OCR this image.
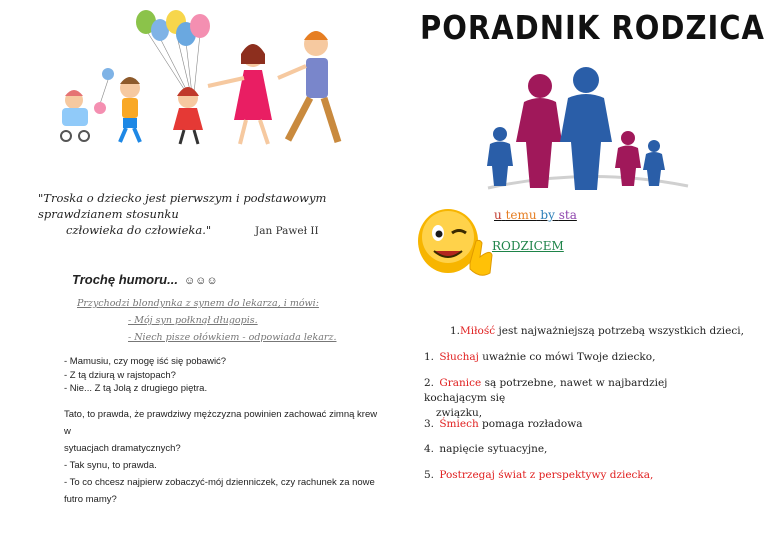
"Troska o dziecko jest pierwszym i podstawowym sprawdzianem stosunku
człowieka do człowieka."	Jan Paweł II
Trochę humoru... ☺☺☺
Przychodzi blondynka z synem do lekarza, i mówi:
- Mój syn połknął długopis.
- Niech pisze ołówkiem - odpowiada lekarz.
- Mamusiu, czy mogę iść się pobawić?
- Z tą dziurą w rajstopach?
- Nie... Z tą Jolą z drugiego piętra.

Tato, to prawda, że prawdziwy mężczyzna powinien zachować zimną krew w

sytuacjach dramatycznych?

- Tak synu, to prawda.

- To co chcesz najpierw zobaczyć-mój dzienniczek, czy rachunek za nowe

futro mamy?

PORADNIK RODZICA
u temu by sta
RODZICEM
1.Miłość jest najważniejszą potrzebą wszystkich dzieci,
1. Słuchaj uważnie co mówi Twoje dziecko,
2. Granice są potrzebne, nawet w najbardziej kochającym się
związku,
3. Śmiech pomaga rozładowa
4. napięcie sytuacyjne,
5. Postrzegaj świat z perspektywy dziecka,
